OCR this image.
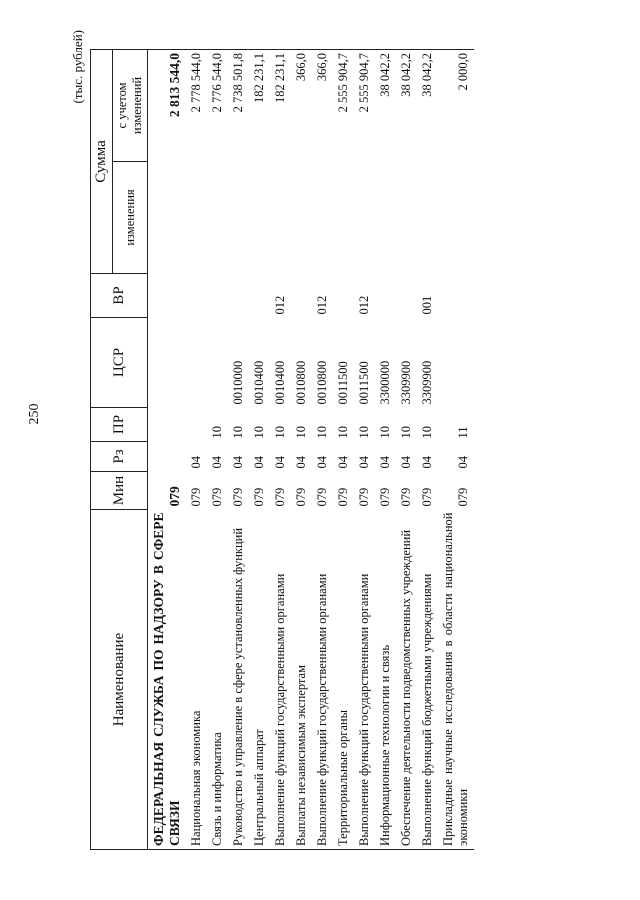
250
(тыс. рублей)
Наименование	Мин	Рз	ПР	ЦСР	ВР	Сумма	
						изменения	с учетом изменений
ФЕДЕРАЛЬНАЯ СЛУЖБА ПО НАДЗОРУ В СФЕРЕ СВЯЗИ	079						2 813 544,0
Национальная экономика	079	04					2 778 544,0
Связь и информатика	079	04	10				2 776 544,0
Руководство и управление в сфере установленных функций	079	04	10	0010000			2 738 501,8
Центральный аппарат	079	04	10	0010400			182 231,1
Выполнение функций государственными органами	079	04	10	0010400	012		182 231,1
Выплаты независимым экспертам	079	04	10	0010800			366,0
Выполнение функций государственными органами	079	04	10	0010800	012		366,0
Территориальные органы	079	04	10	0011500			2 555 904,7
Выполнение функций государственными органами	079	04	10	0011500	012		2 555 904,7
Информационные технологии и связь	079	04	10	3300000			38 042,2
Обеспечение деятельности подведомственных учреждений	079	04	10	3309900			38 042,2
Выполнение функций бюджетными учреждениями	079	04	10	3309900	001		38 042,2
Прикладные научные исследования в области национальной экономики	079	04	11				2 000,0
